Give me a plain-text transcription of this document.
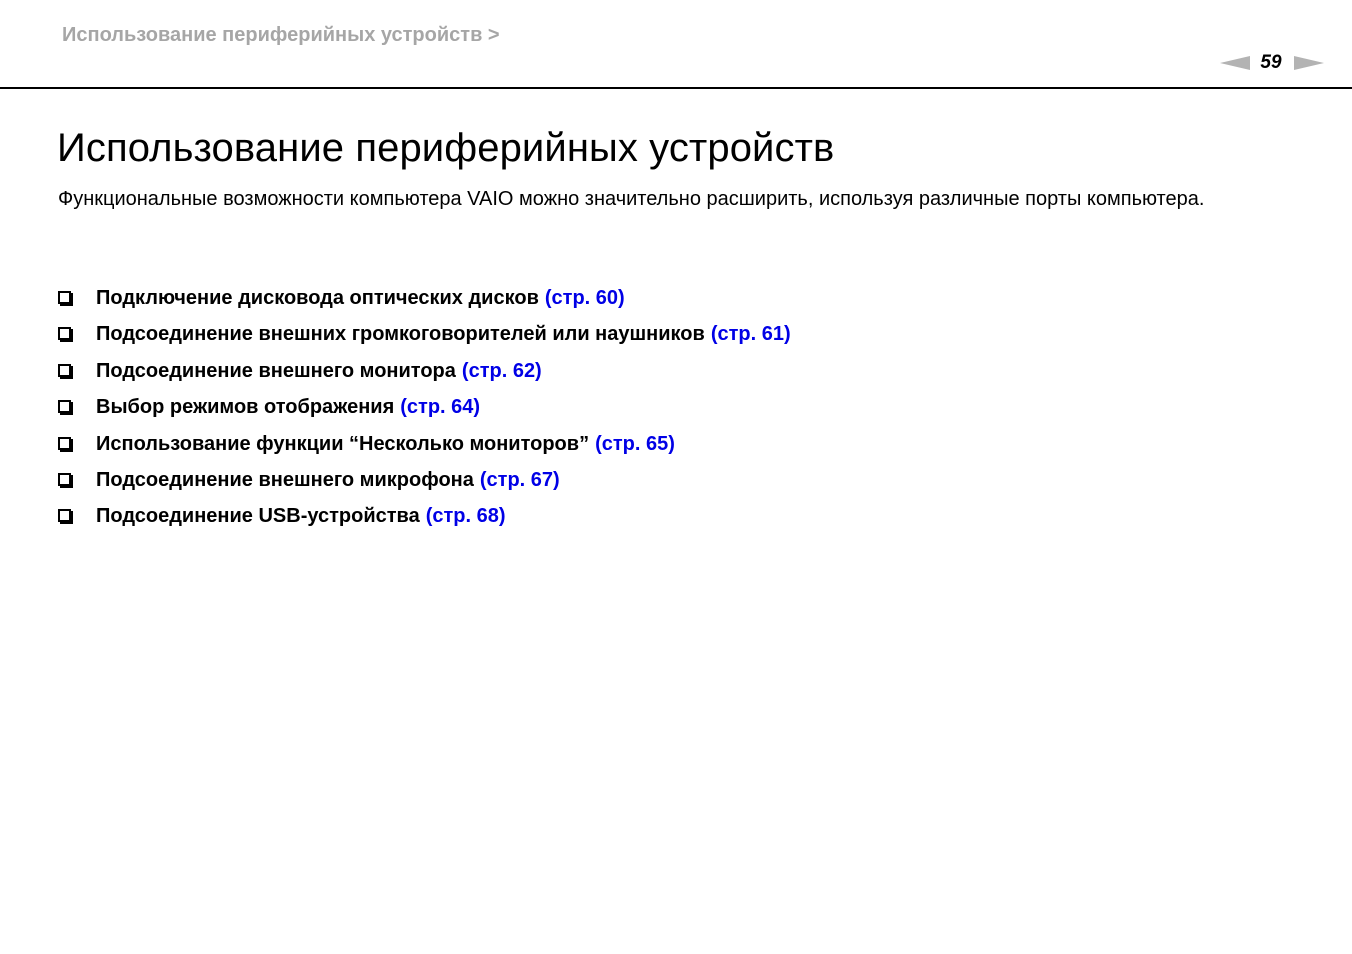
Использование периферийных устройств >
59
Использование периферийных устройств

Функциональные возможности компьютера VAIO можно значительно расширить, используя различные порты компьютера.

Подключение дисковода оптических дисков (стр. 60)
Подсоединение внешних громкоговорителей или наушников (стр. 61)
Подсоединение внешнего монитора (стр. 62)
Выбор режимов отображения (стр. 64)
Использование функции “Несколько мониторов” (стр. 65)
Подсоединение внешнего микрофона (стр. 67)
Подсоединение USB-устройства (стр. 68)
